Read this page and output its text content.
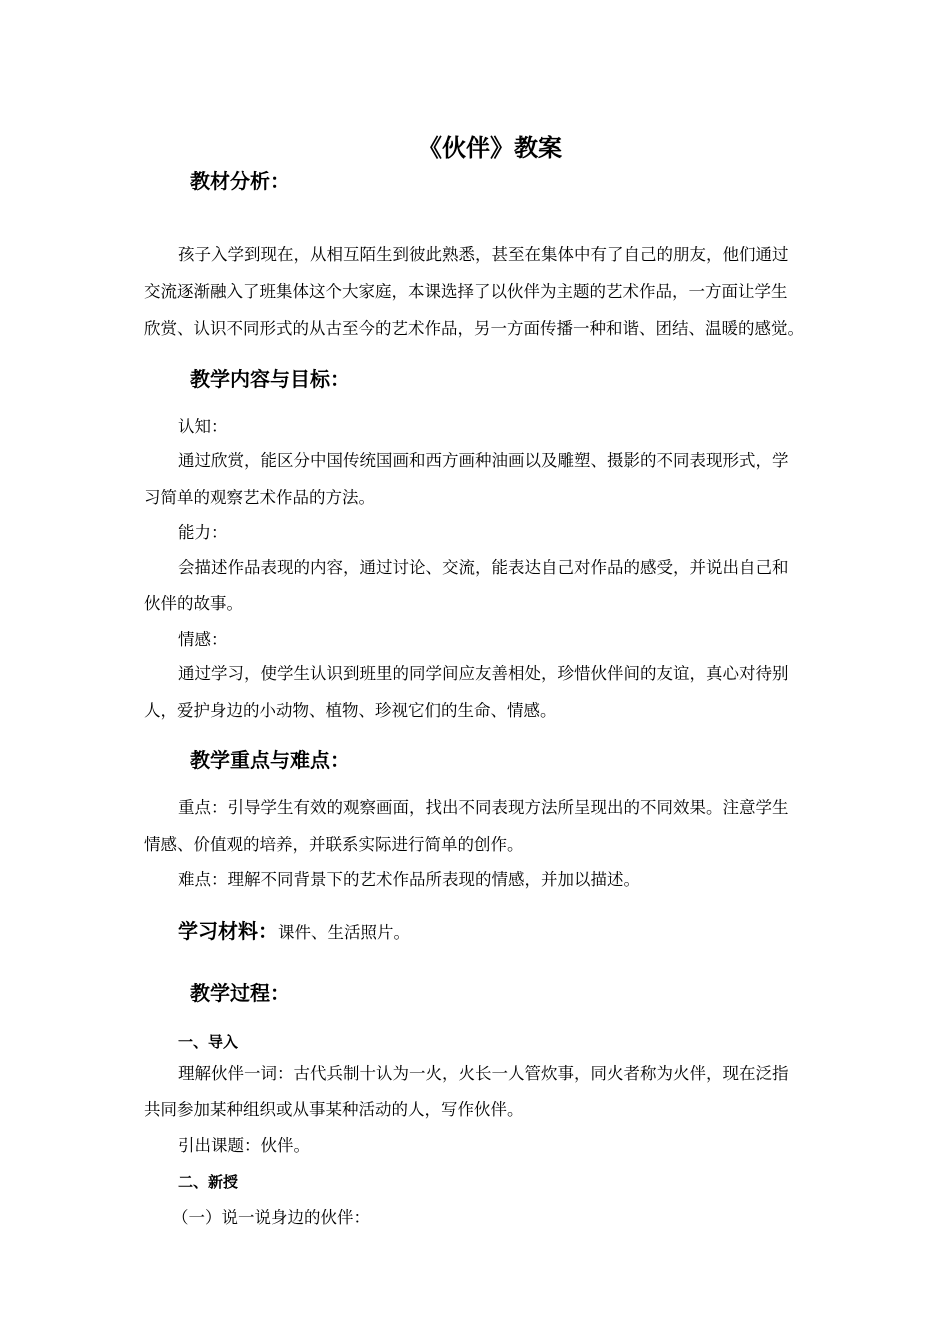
《伙伴》教案
教材分析：
孩子入学到现在，从相互陌生到彼此熟悉，甚至在集体中有了自己的朋友，他们通过
交流逐渐融入了班集体这个大家庭，本课选择了以伙伴为主题的艺术作品，一方面让学生
欣赏、认识不同形式的从古至今的艺术作品，另一方面传播一种和谐、团结、温暖的感觉。
教学内容与目标：
认知：
通过欣赏，能区分中国传统国画和西方画种油画以及雕塑、摄影的不同表现形式，学
习简单的观察艺术作品的方法。
能力：
会描述作品表现的内容，通过讨论、交流，能表达自己对作品的感受，并说出自己和
伙伴的故事。
情感：
通过学习，使学生认识到班里的同学间应友善相处，珍惜伙伴间的友谊，真心对待别
人，爱护身边的小动物、植物、珍视它们的生命、情感。
教学重点与难点：
重点：引导学生有效的观察画面，找出不同表现方法所呈现出的不同效果。注意学生
情感、价值观的培养，并联系实际进行简单的创作。
难点：理解不同背景下的艺术作品所表现的情感，并加以描述。
学习材料：课件、生活照片。
教学过程：
一、导入
理解伙伴一词：古代兵制十认为一火，火长一人管炊事，同火者称为火伴，现在泛指
共同参加某种组织或从事某种活动的人，写作伙伴。
引出课题：伙伴。
二、新授
（一）说一说身边的伙伴：
